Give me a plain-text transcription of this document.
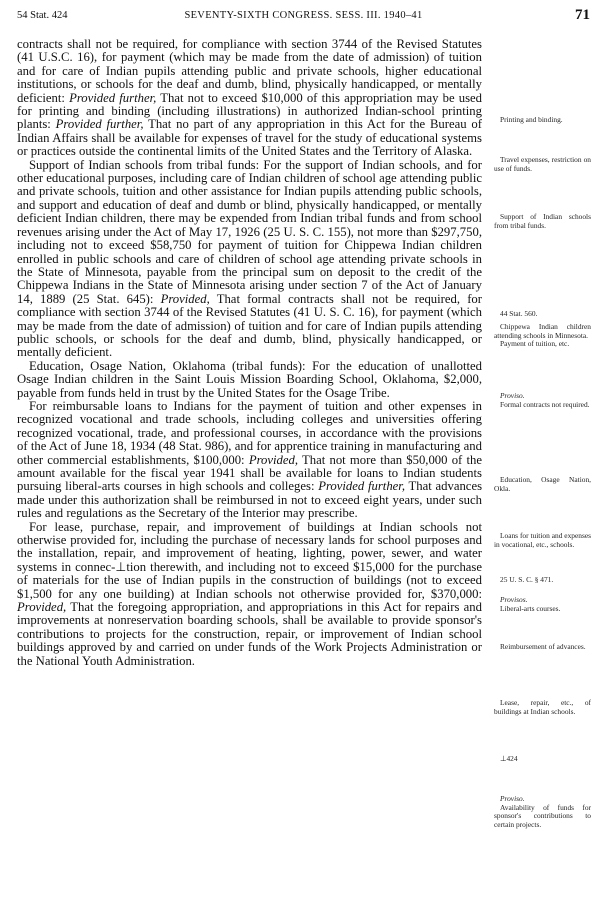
54 Stat. 424	SEVENTY-SIXTH CONGRESS. SESS. III. 1940–41	71

contracts shall not be required, for compliance with section 3744 of the Revised Statutes (41 U.S.C. 16), for payment (which may be made from the date of admission) of tuition and for care of Indian pupils attending public and private schools, higher educational institutions, or schools for the deaf and dumb, blind, physically handicapped, or mentally deficient: Provided further, That not to exceed $10,000 of this appropriation may be used for printing and binding (including illustrations) in authorized Indian-school printing plants: Provided further, That no part of any appropriation in this Act for the Bureau of Indian Affairs shall be available for expenses of travel for the study of educational systems or practices outside the continental limits of the United States and the Territory of Alaska.

Support of Indian schools from tribal funds: For the support of Indian schools, and for other educational purposes, including care of Indian children of school age attending public and private schools, tuition and other assistance for Indian pupils attending public schools, and support and education of deaf and dumb or blind, physically handicapped, or mentally deficient Indian children, there may be expended from Indian tribal funds and from school revenues arising under the Act of May 17, 1926 (25 U. S. C. 155), not more than $297,750, including not to exceed $58,750 for payment of tuition for Chippewa Indian children enrolled in public schools and care of children of school age attending private schools in the State of Minnesota, payable from the principal sum on deposit to the credit of the Chippewa Indians in the State of Minnesota arising under section 7 of the Act of January 14, 1889 (25 Stat. 645): Provided, That formal contracts shall not be required, for compliance with section 3744 of the Revised Statutes (41 U. S. C. 16), for payment (which may be made from the date of admission) of tuition and for care of Indian pupils attending public schools, or schools for the deaf and dumb, blind, physically handicapped, or mentally deficient.

Education, Osage Nation, Oklahoma (tribal funds): For the education of unallotted Osage Indian children in the Saint Louis Mission Boarding School, Oklahoma, $2,000, payable from funds held in trust by the United States for the Osage Tribe.

For reimbursable loans to Indians for the payment of tuition and other expenses in recognized vocational and trade schools, including colleges and universities offering recognized vocational, trade, and professional courses, in accordance with the provisions of the Act of June 18, 1934 (48 Stat. 986), and for apprentice training in manufacturing and other commercial establishments, $100,000: Provided, That not more than $50,000 of the amount available for the fiscal year 1941 shall be available for loans to Indian students pursuing liberal-arts courses in high schools and colleges: Provided further, That advances made under this authorization shall be reimbursed in not to exceed eight years, under such rules and regulations as the Secretary of the Interior may prescribe.

For lease, purchase, repair, and improvement of buildings at Indian schools not otherwise provided for, including the purchase of necessary lands for school purposes and the installation, repair, and improvement of heating, lighting, power, sewer, and water systems in connec-⊥tion therewith, and including not to exceed $15,000 for the purchase of materials for the use of Indian pupils in the construction of buildings (not to exceed $1,500 for any one building) at Indian schools not otherwise provided for, $370,000: Provided, That the foregoing appropriation, and appropriations in this Act for repairs and improvements at nonreservation boarding schools, shall be available to provide sponsor's contributions to projects for the construction, repair, or improvement of Indian school buildings approved by and carried on under funds of the Work Projects Administration or the National Youth Administration.

Printing and binding.

Travel expenses, restriction on use of funds.

Support of Indian schools from tribal funds.

44 Stat. 560.

Chippewa Indian children attending schools in Minnesota.

Payment of tuition, etc.

Proviso.

Formal contracts not required.

Education, Osage Nation, Okla.

Loans for tuition and expenses in vocational, etc., schools.

25 U. S. C. § 471.

Provisos.

Liberal-arts courses.

Reimbursement of advances.

Lease, repair, etc., of buildings at Indian schools.

⊥424

Proviso.

Availability of funds for sponsor's contributions to certain projects.
